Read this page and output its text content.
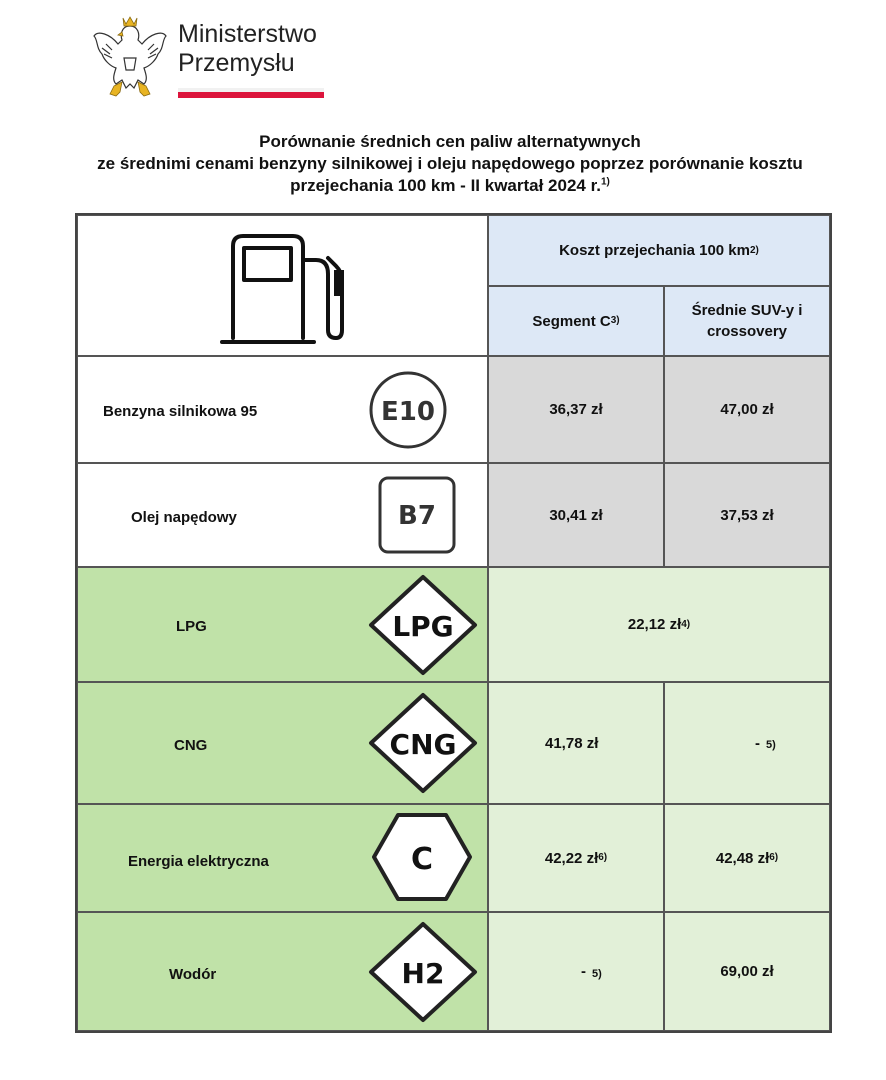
Ministerstwo
Przemysłu
Porównanie średnich cen paliw alternatywnych
ze średnimi cenami benzyny silnikowej i oleju napędowego poprzez porównanie kosztu
przejechania 100 km - II kwartał 2024 r.$^{1)}$
Koszt przejechania 100 km 2)
Segment C 3)
Średnie SUV-y i crossovery
Benzyna silnikowa 95	E10	36,37 zł	47,00 zł
Olej napędowy	B7	30,41 zł	37,53 zł
LPG	LPG	22,12 zł 4)
CNG	CNG	41,78 zł	- 5)
Energia elektryczna	C	42,22 zł 6)	42,48 zł 6)
Wodór	H2	- 5)	69,00 zł
